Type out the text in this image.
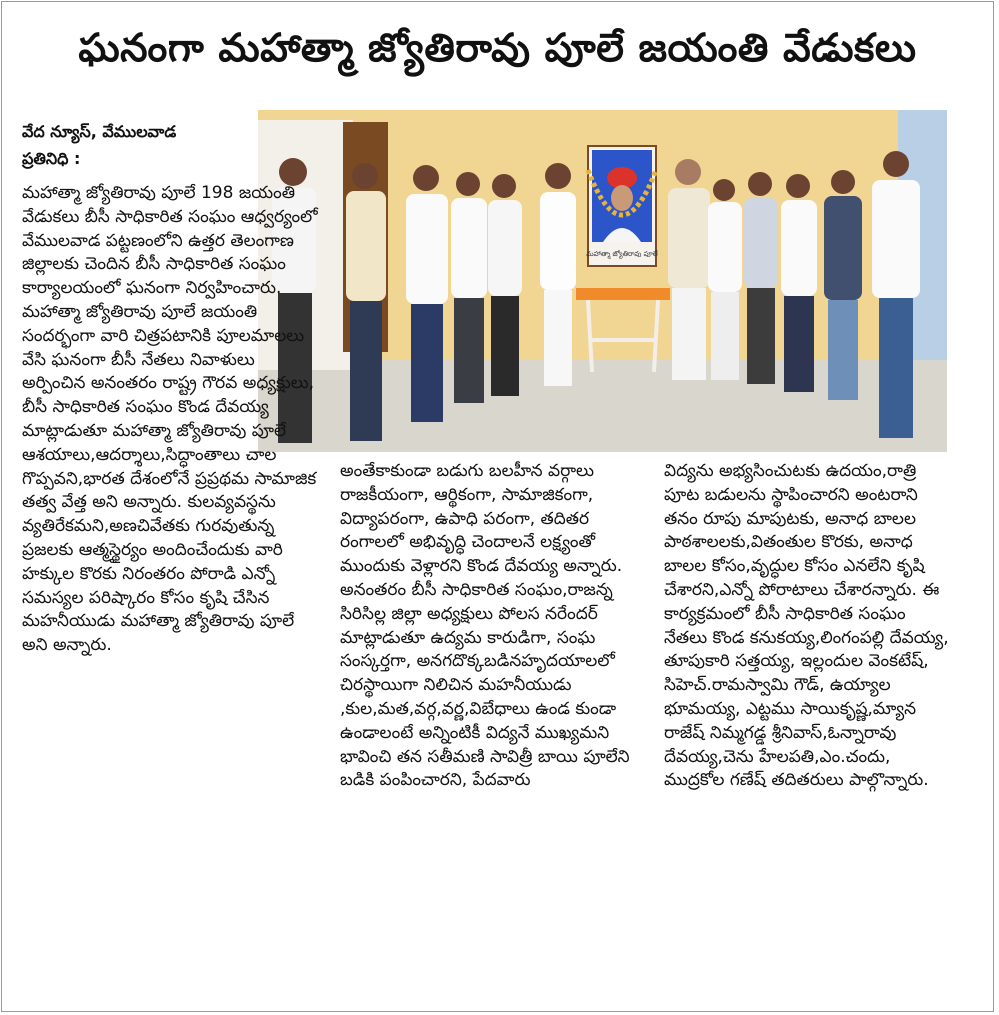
ఘనంగా మహాత్మా జ్యోతిరావు పూలే జయంతి వేడుకలు
వేద న్యూస్, వేములవాడ
ప్రతినిధి :
మహాత్మా జ్యోతిరావు పూలే

మహాత్మా జ్యోతిరావు పూలే 198 జయంతి వేడుకలు బీసీ సాధికారిత సంఘం ఆధ్వర్యంలో వేములవాడ పట్టణంలోని ఉత్తర తెలంగాణ జిల్లాలకు చెందిన బీసీ సాధికారిత సంఘం కార్యాలయంలో ఘనంగా నిర్వహించారు. మహాత్మా జ్యోతిరావు పూలే జయంతి సందర్భంగా వారి చిత్రపటానికి పూలమాలలు వేసి ఘనంగా బీసీ నేతలు నివాళులు అర్పించిన అనంతరం రాష్ట్ర గౌరవ అధ్యక్షులు, బీసీ సాధికారిత సంఘం కొండ దేవయ్య మాట్లాడుతూ మహాత్మా జ్యోతిరావు పూలే ఆశయాలు,ఆదర్శాలు,సిద్ధాంతాలు చాల గొప్పవని,భారత దేశంలోనే ప్రప్రథమ సామాజిక తత్వ వేత్త అని అన్నారు. కులవ్యవస్థను వ్యతిరేకమని,అణచివేతకు గురవుతున్న ప్రజలకు ఆత్మస్థైర్యం అందించేందుకు వారి హక్కుల కొరకు నిరంతరం పోరాడి ఎన్నో సమస్యల పరిష్కారం కోసం కృషి చేసిన మహనీయుడు మహాత్మా జ్యోతిరావు పూలే అని అన్నారు.

అంతేకాకుండా బడుగు బలహీన వర్గాలు రాజకీయంగా, ఆర్థికంగా, సామాజికంగా, విద్యాపరంగా, ఉపాధి పరంగా, తదితర రంగాలలో అభివృద్ధి చెందాలనే లక్ష్యంతో ముందుకు వెళ్లారని కొండ దేవయ్య అన్నారు. అనంతరం బీసీ సాధికారిత సంఘం,రాజన్న సిరిసిల్ల జిల్లా అధ్యక్షులు పోలస నరేందర్ మాట్లాడుతూ ఉద్యమ కారుడిగా, సంఘ సంస్కర్తగా, అనగదొక్కబడినహృదయాలలో చిరస్థాయిగా నిలిచిన మహనీయుడు ,కుల,మత,వర్గ,వర్ణ,విబేధాలు ఉండ కుండా ఉండాలంటే అన్నింటికీ విద్యనే ముఖ్యమని భావించి తన సతీమణి సావిత్రీ బాయి పూలేని బడికి పంపించారని, పేదవారు

విద్యను అభ్యసించుటకు ఉదయం,రాత్రి పూట బడులను స్థాపించారని అంటరాని తనం రూపు మాపుటకు, అనాధ బాలల పాఠశాలలకు,వితంతుల కొరకు, అనాధ బాలల కోసం,వృద్ధుల కోసం ఎనలేని కృషి చేశారని,ఎన్నో పోరాటాలు చేశారన్నారు. ఈ కార్యక్రమంలో బీసీ సాధికారిత సంఘం నేతలు కొండ కనుకయ్య,లింగంపల్లి దేవయ్య, తూపుకారి సత్తయ్య, ఇల్లందుల వెంకటేష్, సిహెచ్.రామస్వామి గౌడ్, ఉయ్యాల భూమయ్య, ఎట్టము సాయికృష్ణ,మ్యాన రాజేష్ నిమ్మగడ్డ శ్రీనివాస్,ఓన్నారావు దేవయ్య,చెను హేలపతి,ఎం.చందు, ముద్రకోల గణేష్ తదితరులు పాల్గొన్నారు.
